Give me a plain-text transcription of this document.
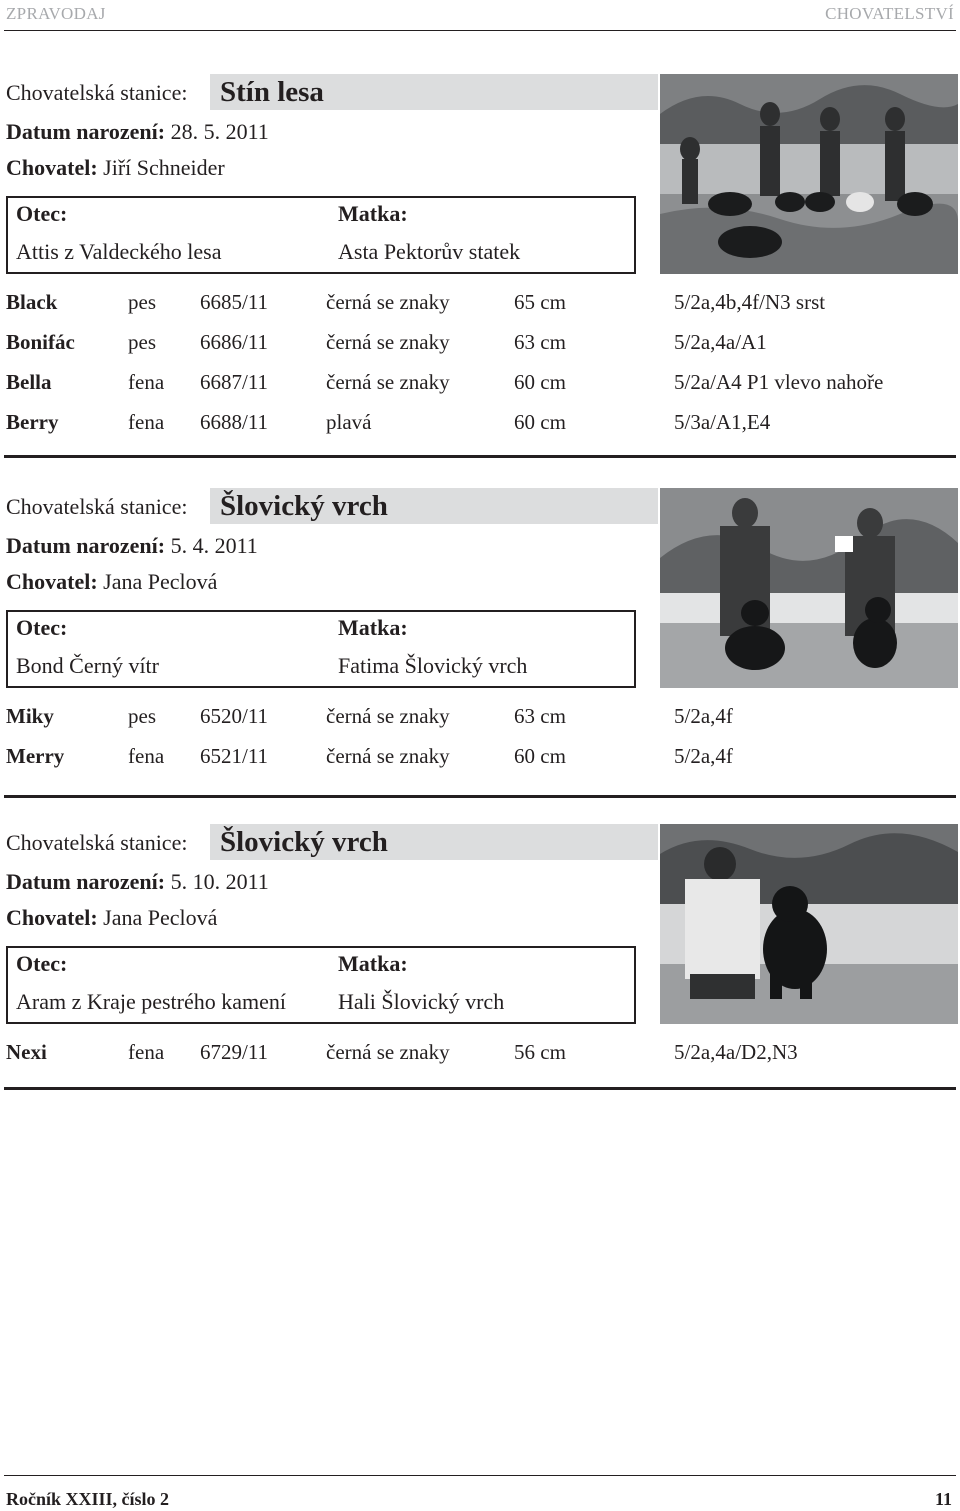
ZPRAVODAJ	CHOVATELSTVÍ
Chovatelská stanice: Stín lesa
Datum narození: 28. 5. 2011
Chovatel: Jiří Schneider
Otec:
Attis z Valdeckého lesa
Matka:
Asta Pektorův statek
Black	pes 6685/11	černá se znaky	65 cm	5/2a,4b,4f/N3 srst
Bonifác	pes 6686/11	černá se znaky	63 cm	5/2a,4a/A1
Bella	fena 6687/11	černá se znaky	60 cm	5/2a/A4 P1 vlevo nahoře
Berry	fena 6688/11	plavá	60 cm	5/3a/A1,E4
Chovatelská stanice: Šlovický vrch
Datum narození: 5. 4. 2011
Chovatel: Jana Peclová
Otec:
Bond Černý vítr
Matka:
Fatima Šlovický vrch
Miky	pes 6520/11	černá se znaky	63 cm	5/2a,4f
Merry	fena 6521/11	černá se znaky	60 cm	5/2a,4f
Chovatelská stanice: Šlovický vrch
Datum narození: 5. 10. 2011
Chovatel: Jana Peclová
Otec:
Aram z Kraje pestrého kamení
Matka:
Hali Šlovický vrch
Nexi	fena 6729/11	černá se znaky	56 cm	5/2a,4a/D2,N3
Ročník XXIII, číslo 2	11
